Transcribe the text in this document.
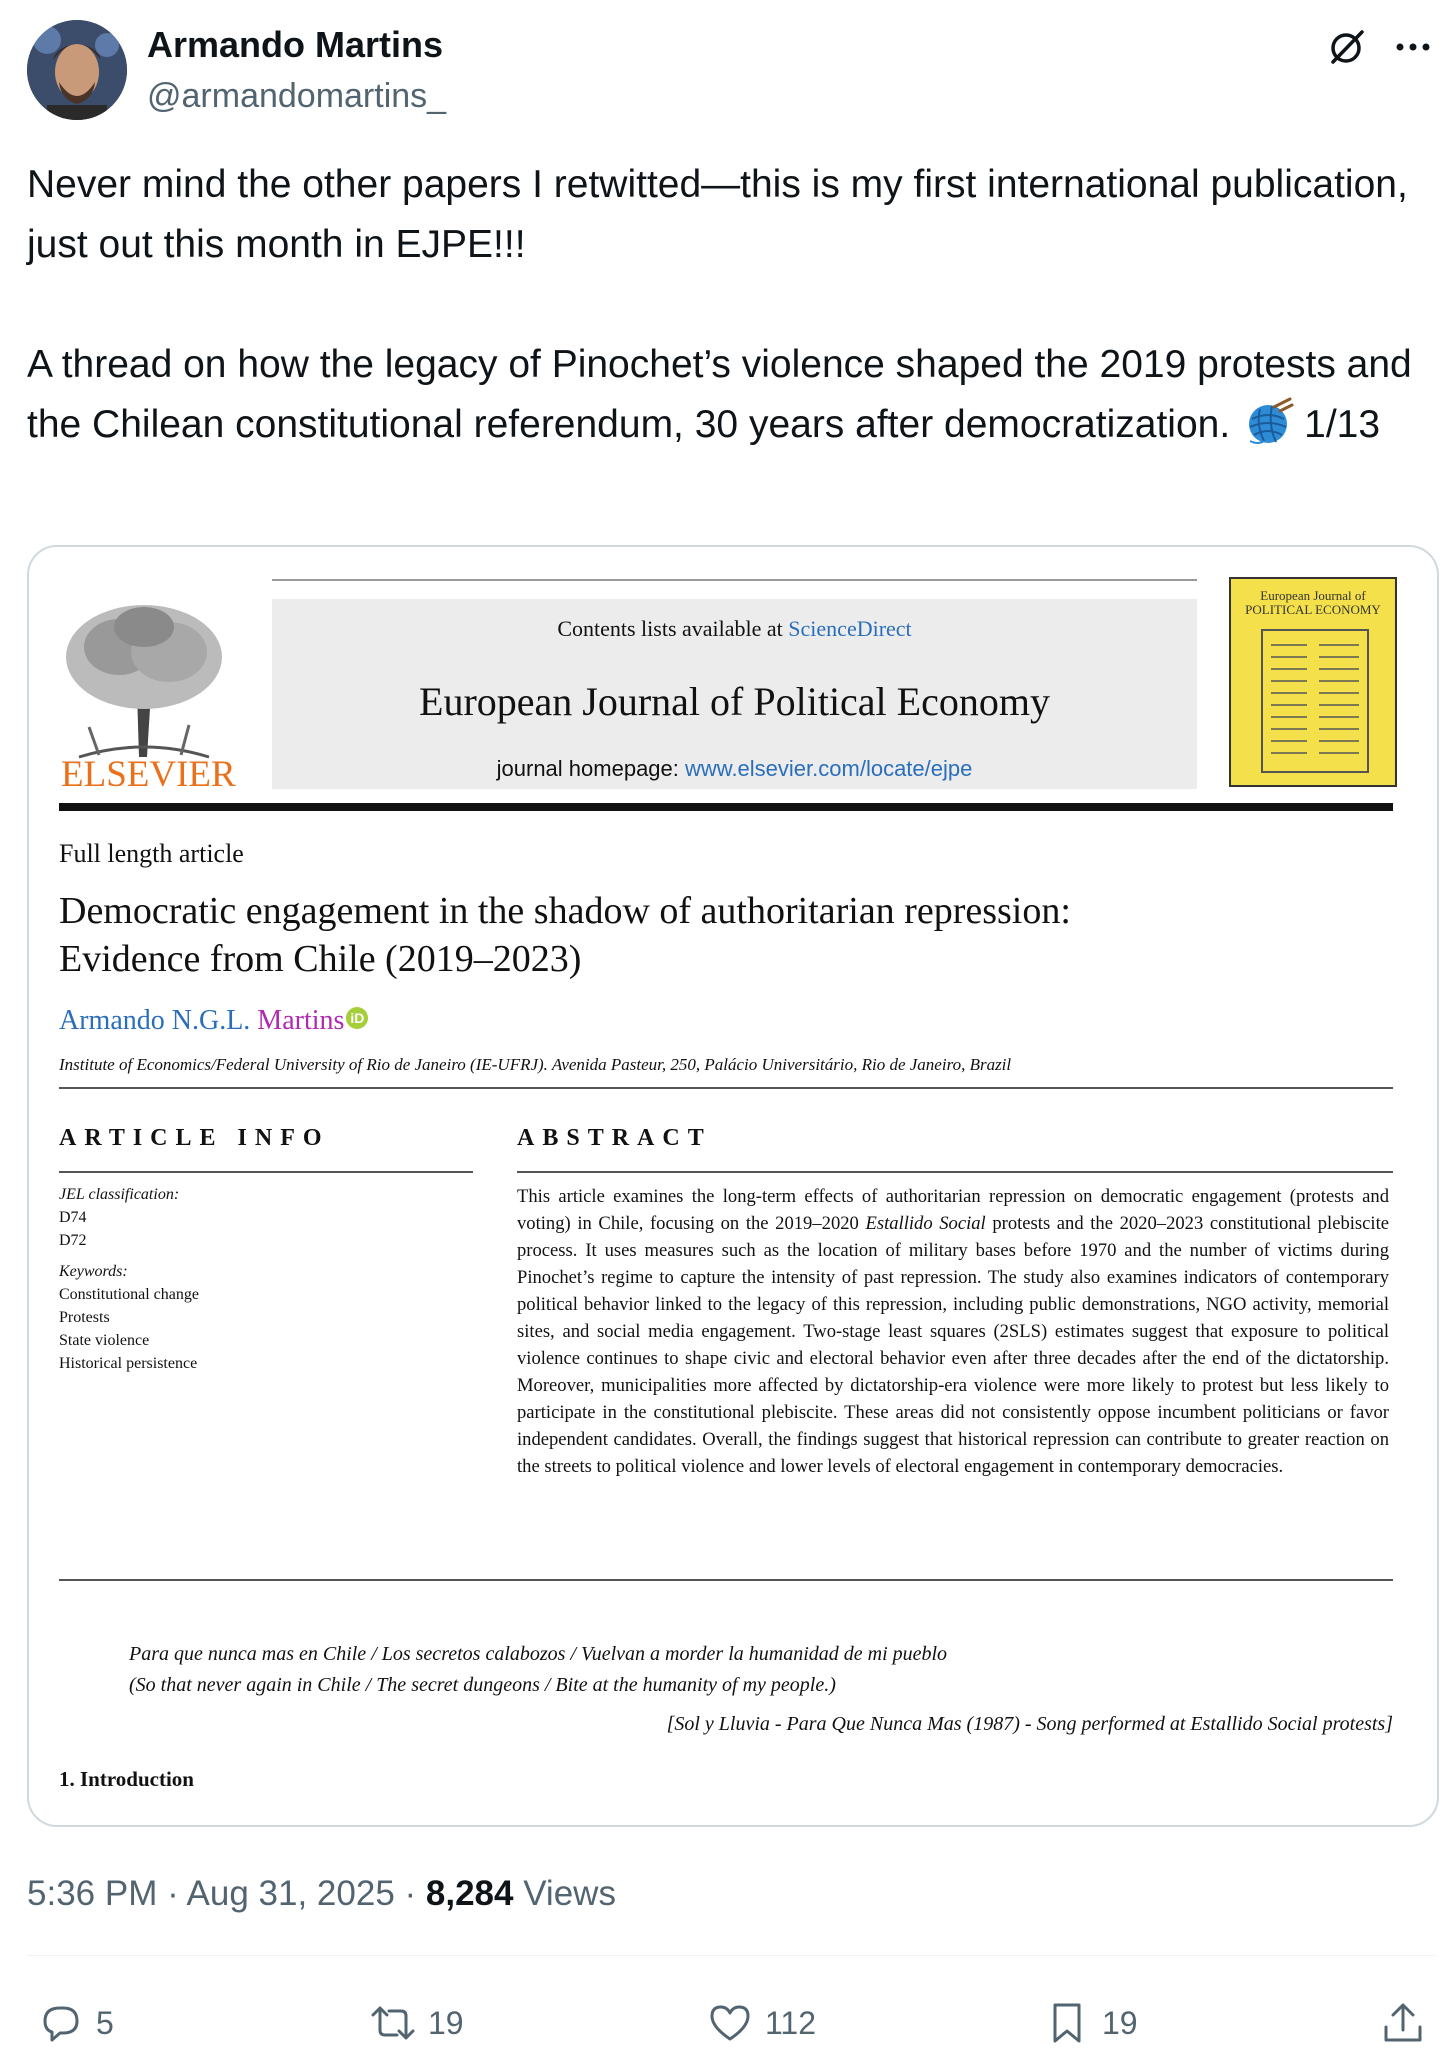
Armando Martins
@armandomartins_

Never mind the other papers I retwitted—this is my first international publication, just out this month in EJPE!!!

A thread on how the legacy of Pinochet’s violence shaped the 2019 protests and the Chilean constitutional referendum, 30 years after democratization. 1/13

ELSEVIER
Contents lists available at ScienceDirect
European Journal of Political Economy
journal homepage: www.elsevier.com/locate/ejpe
European Journal of POLITICAL ECONOMY
Full length article
Democratic engagement in the shadow of authoritarian repression:
Evidence from Chile (2019–2023)
Armando N.G.L. Martins iD
Institute of Economics/Federal University of Rio de Janeiro (IE-UFRJ). Avenida Pasteur, 250, Palácio Universitário, Rio de Janeiro, Brazil
ARTICLE INFO	ABSTRACT
JEL classification:
D74
D72
Keywords:
Constitutional change
Protests
State violence
Historical persistence
This article examines the long-term effects of authoritarian repression on democratic engagement (protests and voting) in Chile, focusing on the 2019–2020 Estallido Social protests and the 2020–2023 constitutional plebiscite process. It uses measures such as the location of military bases before 1970 and the number of victims during Pinochet’s regime to capture the intensity of past repression. The study also examines indicators of contemporary political behavior linked to the legacy of this repression, including public demonstrations, NGO activity, memorial sites, and social media engagement. Two-stage least squares (2SLS) estimates suggest that exposure to political violence continues to shape civic and electoral behavior even after three decades after the end of the dictatorship. Moreover, municipalities more affected by dictatorship-era violence were more likely to protest but less likely to participate in the constitutional plebiscite. These areas did not consistently oppose incumbent politicians or favor independent candidates. Overall, the findings suggest that historical repression can contribute to greater reaction on the streets to political violence and lower levels of electoral engagement in contemporary democracies.
Para que nunca mas en Chile / Los secretos calabozos / Vuelvan a morder la humanidad de mi pueblo
(So that never again in Chile / The secret dungeons / Bite at the humanity of my people.)
[Sol y Lluvia - Para Que Nunca Mas (1987) - Song performed at Estallido Social protests]
1. Introduction
5:36 PM · Aug 31, 2025 · 8,284 Views
5	19	112	19
